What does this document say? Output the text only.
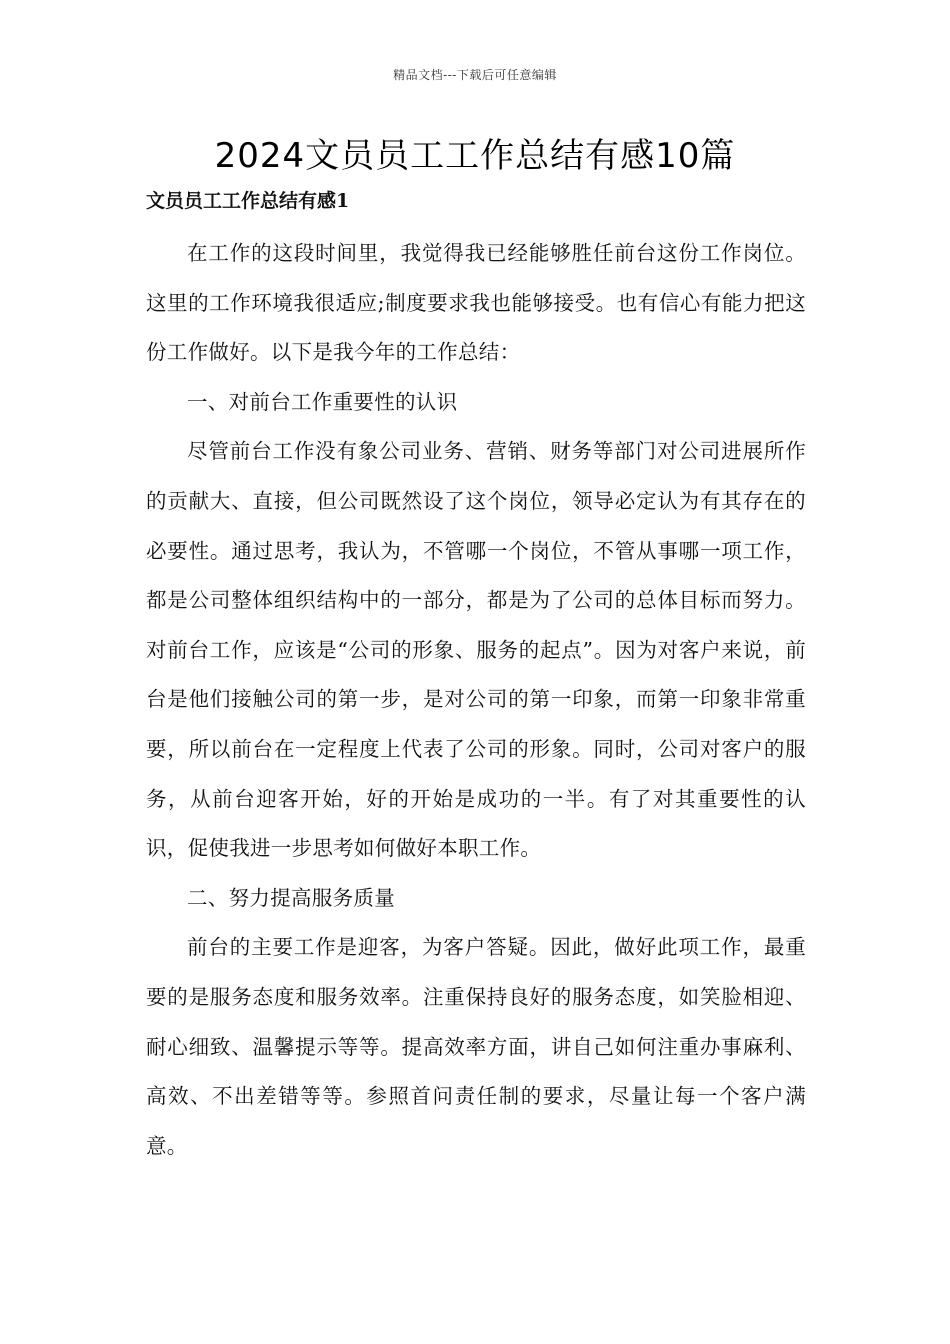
精品文档---下载后可任意编辑
2024文员员工工作总结有感10篇
文员员工工作总结有感1

在工作的这段时间里，我觉得我已经能够胜任前台这份工作岗位。这里的工作环境我很适应;制度要求我也能够接受。也有信心有能力把这份工作做好。以下是我今年的工作总结：

一、对前台工作重要性的认识

尽管前台工作没有象公司业务、营销、财务等部门对公司进展所作的贡献大、直接，但公司既然设了这个岗位，领导必定认为有其存在的必要性。通过思考，我认为，不管哪一个岗位，不管从事哪一项工作，都是公司整体组织结构中的一部分，都是为了公司的总体目标而努力。对前台工作，应该是“公司的形象、服务的起点”。因为对客户来说，前台是他们接触公司的第一步，是对公司的第一印象，而第一印象非常重要，所以前台在一定程度上代表了公司的形象。同时，公司对客户的服务，从前台迎客开始，好的开始是成功的一半。有了对其重要性的认识，促使我进一步思考如何做好本职工作。

二、努力提高服务质量

前台的主要工作是迎客，为客户答疑。因此，做好此项工作，最重要的是服务态度和服务效率。注重保持良好的服务态度，如笑脸相迎、耐心细致、温馨提示等等。提高效率方面，讲自己如何注重办事麻利、高效、不出差错等等。参照首问责任制的要求，尽量让每一个客户满意。
